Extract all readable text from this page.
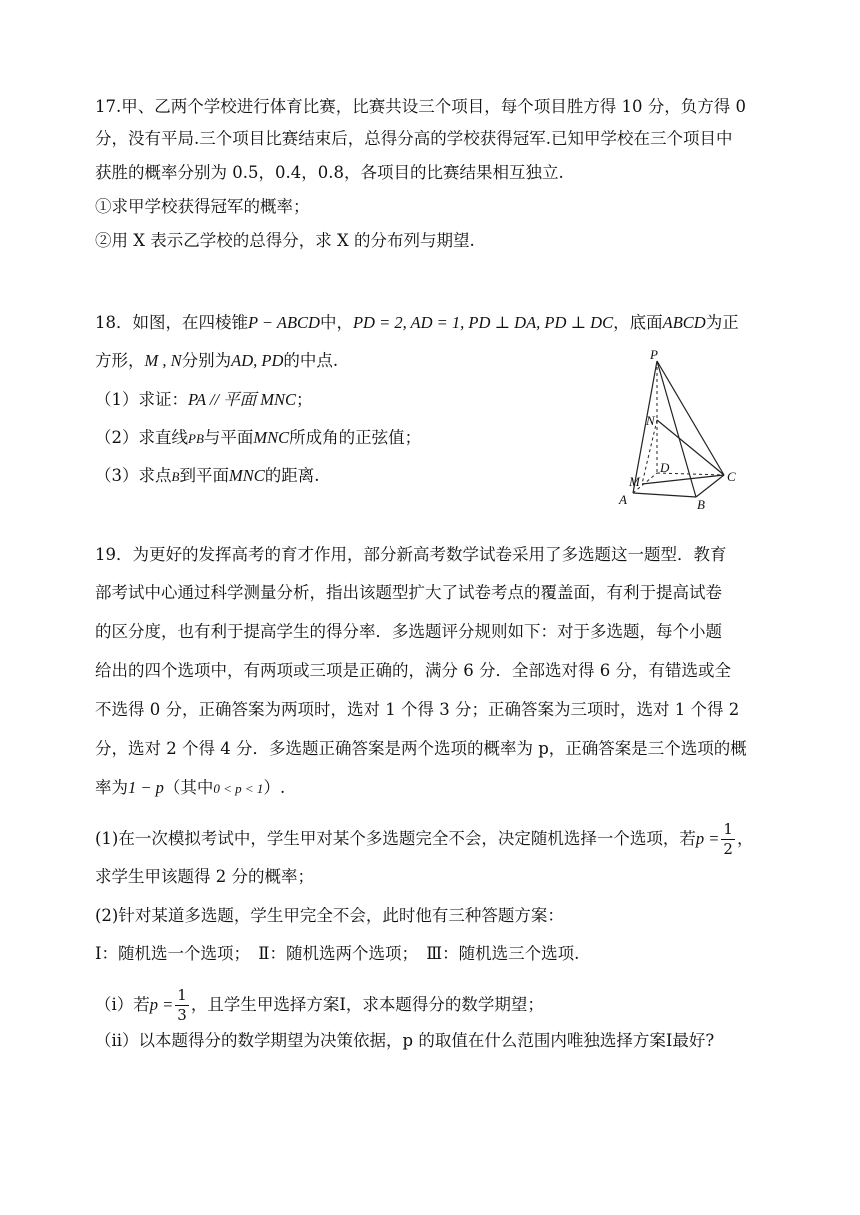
17.甲、乙两个学校进行体育比赛，比赛共设三个项目，每个项目胜方得 10 分，负方得 0
分，没有平局.三个项目比赛结束后，总得分高的学校获得冠军.已知甲学校在三个项目中
获胜的概率分别为 0.5，0.4，0.8，各项目的比赛结果相互独立.
①求甲学校获得冠军的概率；
②用 X 表示乙学校的总得分，求 X 的分布列与期望.
18．如图，在四棱锥P − ABCD中，PD = 2, AD = 1, PD ⊥ DA, PD ⊥ DC，底面ABCD为正
方形，M , N分别为AD, PD的中点.
（1）求证：PA // 平面 MNC；
（2）求直线PB与平面MNC所成角的正弦值；
（3）求点B到平面MNC的距离.
P
N
D
C
M
A	B
19．为更好的发挥高考的育才作用，部分新高考数学试卷采用了多选题这一题型．教育
部考试中心通过科学测量分析，指出该题型扩大了试卷考点的覆盖面，有利于提高试卷
的区分度，也有利于提高学生的得分率．多选题评分规则如下：对于多选题，每个小题
给出的四个选项中，有两项或三项是正确的，满分 6 分．全部选对得 6 分，有错选或全
不选得 0 分，正确答案为两项时，选对 1 个得 3 分；正确答案为三项时，选对 1 个得 2
分，选对 2 个得 4 分．多选题正确答案是两个选项的概率为 p，正确答案是三个选项的概
率为1 − p（其中0 < p < 1）.
(1)在一次模拟考试中，学生甲对某个多选题完全不会，决定随机选择一个选项，若$p = \frac{1}{2}$ ，
求学生甲该题得 2 分的概率；
(2)针对某道多选题，学生甲完全不会，此时他有三种答题方案：
Ⅰ：随机选一个选项；　Ⅱ：随机选两个选项；　Ⅲ：随机选三个选项.
（i）若$p = \frac{1}{3}$ ，且学生甲选择方案Ⅰ，求本题得分的数学期望；
（ii）以本题得分的数学期望为决策依据，p 的取值在什么范围内唯独选择方案Ⅰ最好?
